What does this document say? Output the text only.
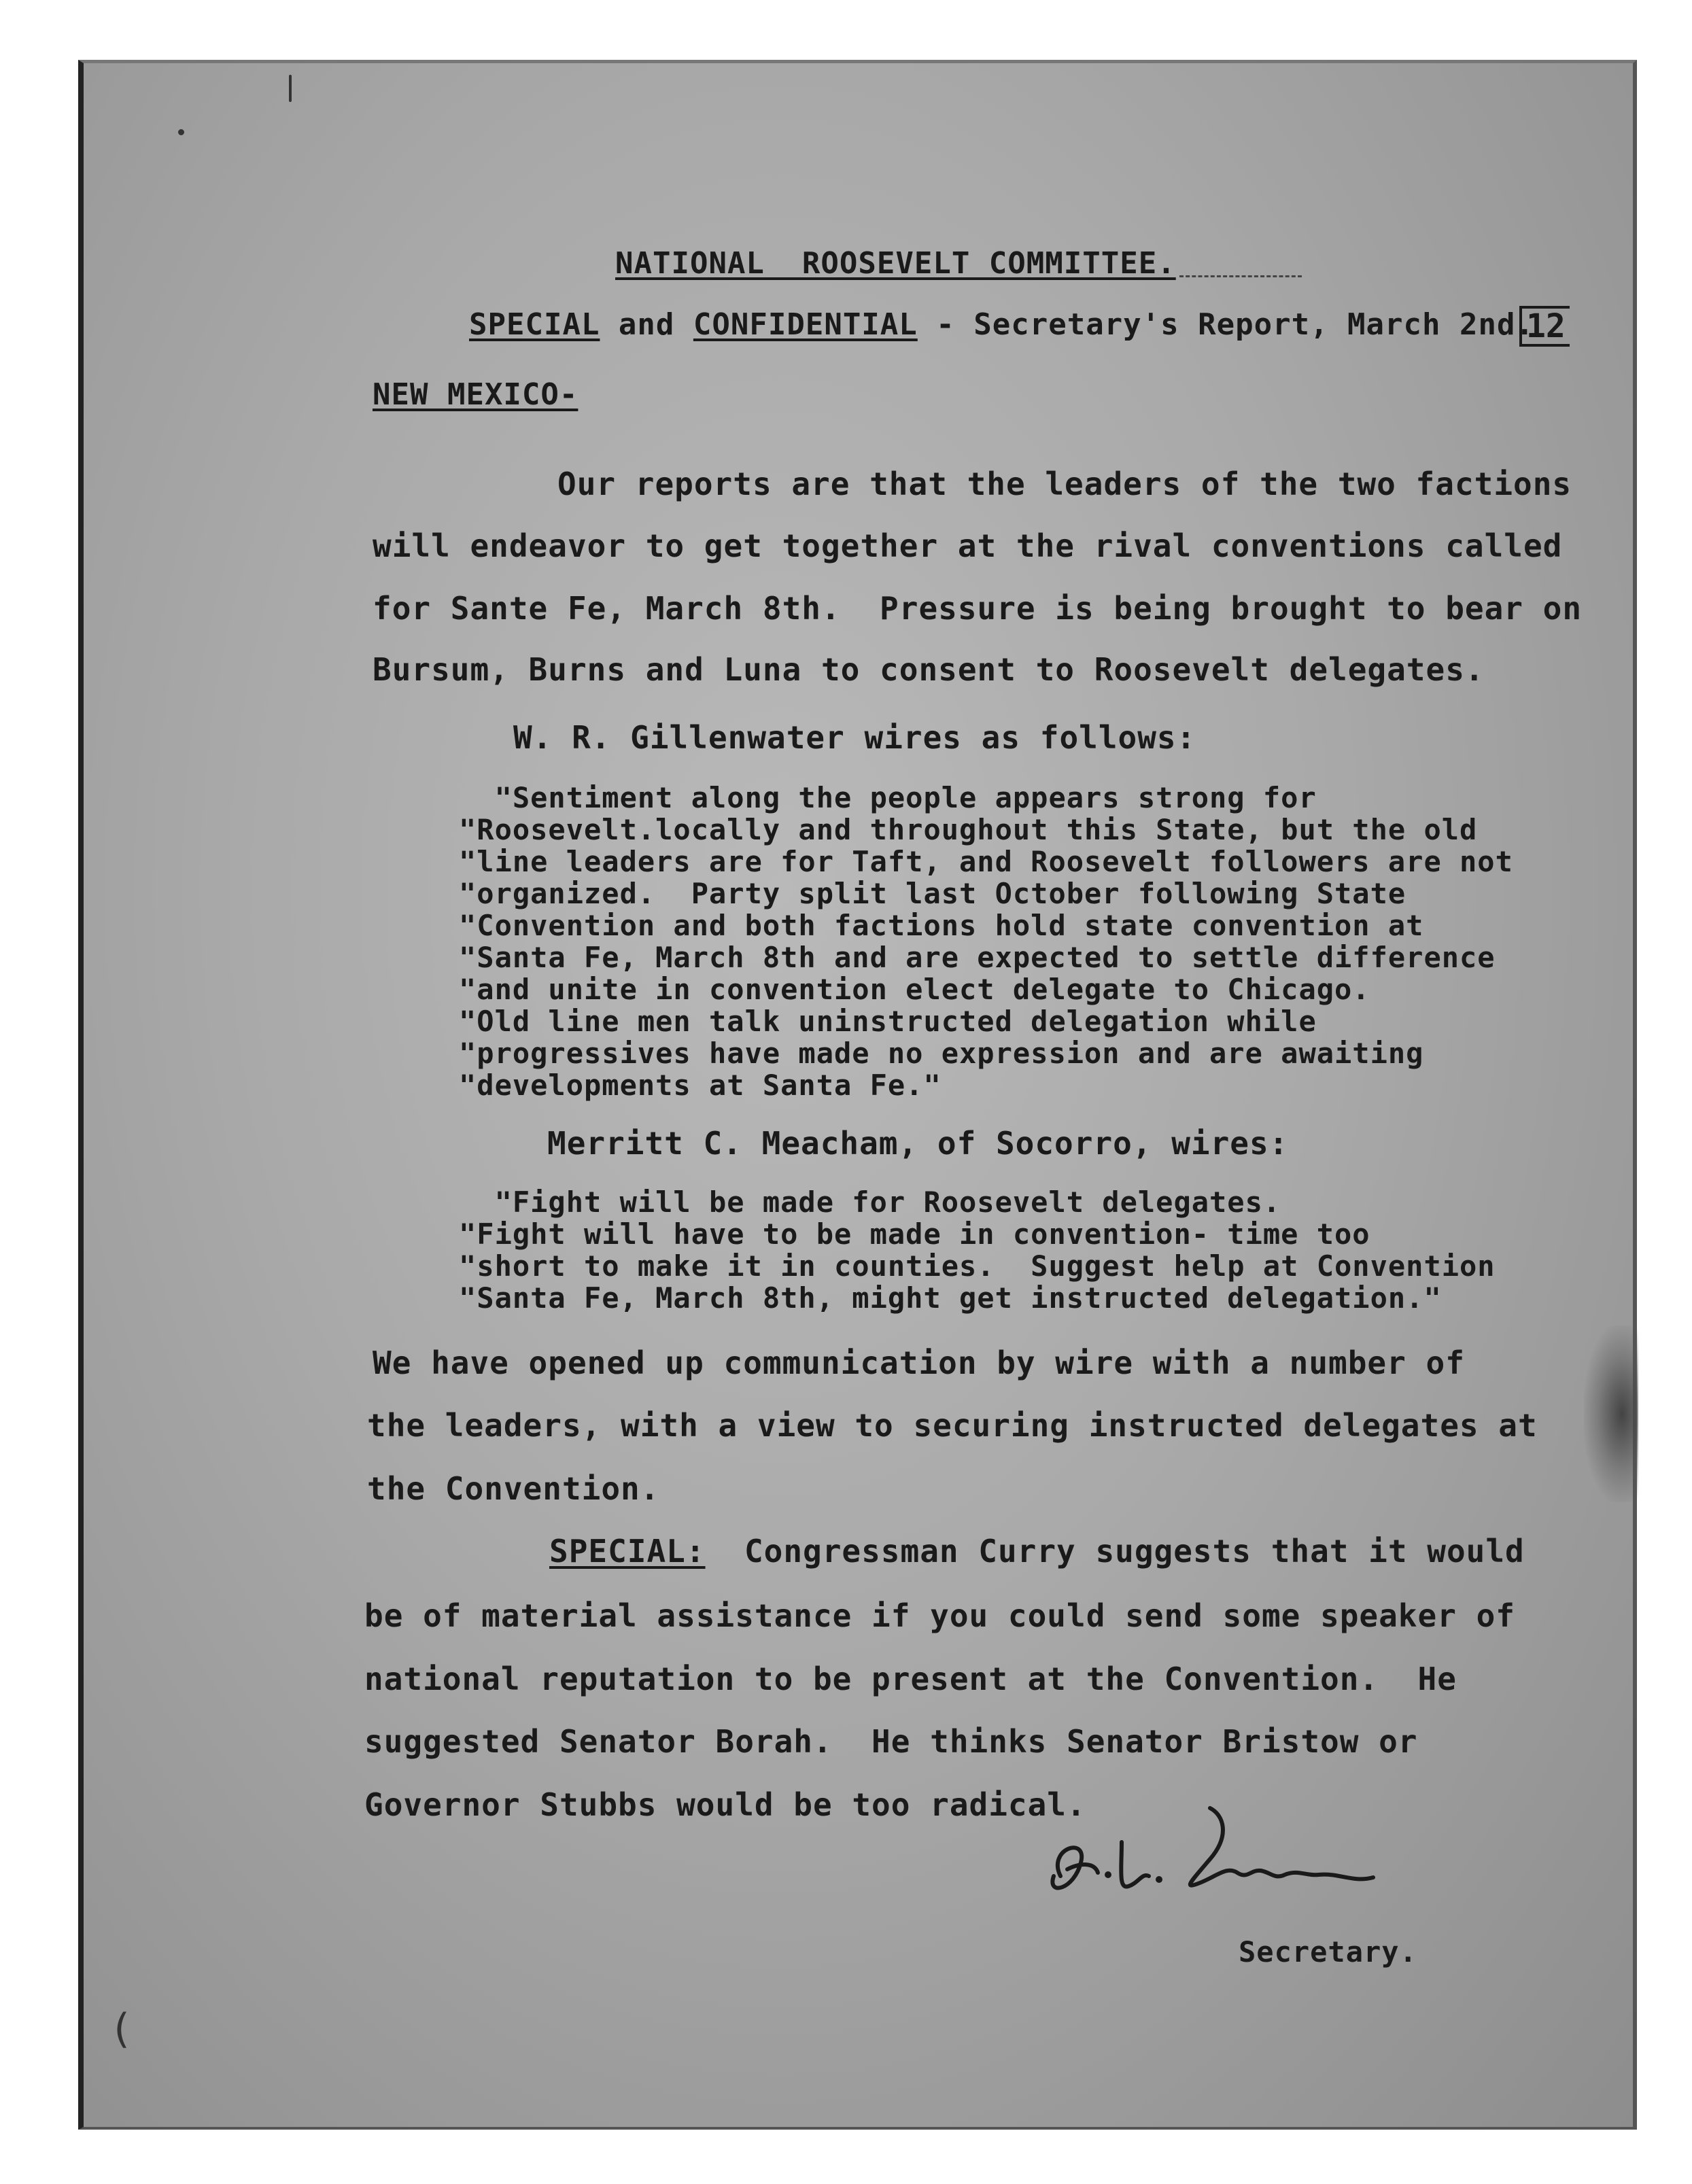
(
NATIONAL  ROOSEVELT COMMITTEE.
SPECIAL and CONFIDENTIAL - Secretary's Report, March 2nd.
12
NEW MEXICO-
Our reports are that the leaders of the two factions
will endeavor to get together at the rival conventions called
for Sante Fe, March 8th.  Pressure is being brought to bear on
Bursum, Burns and Luna to consent to Roosevelt delegates.
W. R. Gillenwater wires as follows:
"Sentiment along the people appears strong for
"Roosevelt.locally and throughout this State, but the old
"line leaders are for Taft, and Roosevelt followers are not
"organized.  Party split last October following State
"Convention and both factions hold state convention at
"Santa Fe, March 8th and are expected to settle difference
"and unite in convention elect delegate to Chicago.
"Old line men talk uninstructed delegation while
"progressives have made no expression and are awaiting
"developments at Santa Fe."
Merritt C. Meacham, of Socorro, wires:
"Fight will be made for Roosevelt delegates.
"Fight will have to be made in convention- time too
"short to make it in counties.  Suggest help at Convention
"Santa Fe, March 8th, might get instructed delegation."
We have opened up communication by wire with a number of
the leaders, with a view to securing instructed delegates at
the Convention.
SPECIAL:  Congressman Curry suggests that it would
be of material assistance if you could send some speaker of
national reputation to be present at the Convention.  He
suggested Senator Borah.  He thinks Senator Bristow or
Governor Stubbs would be too radical.
Secretary.
